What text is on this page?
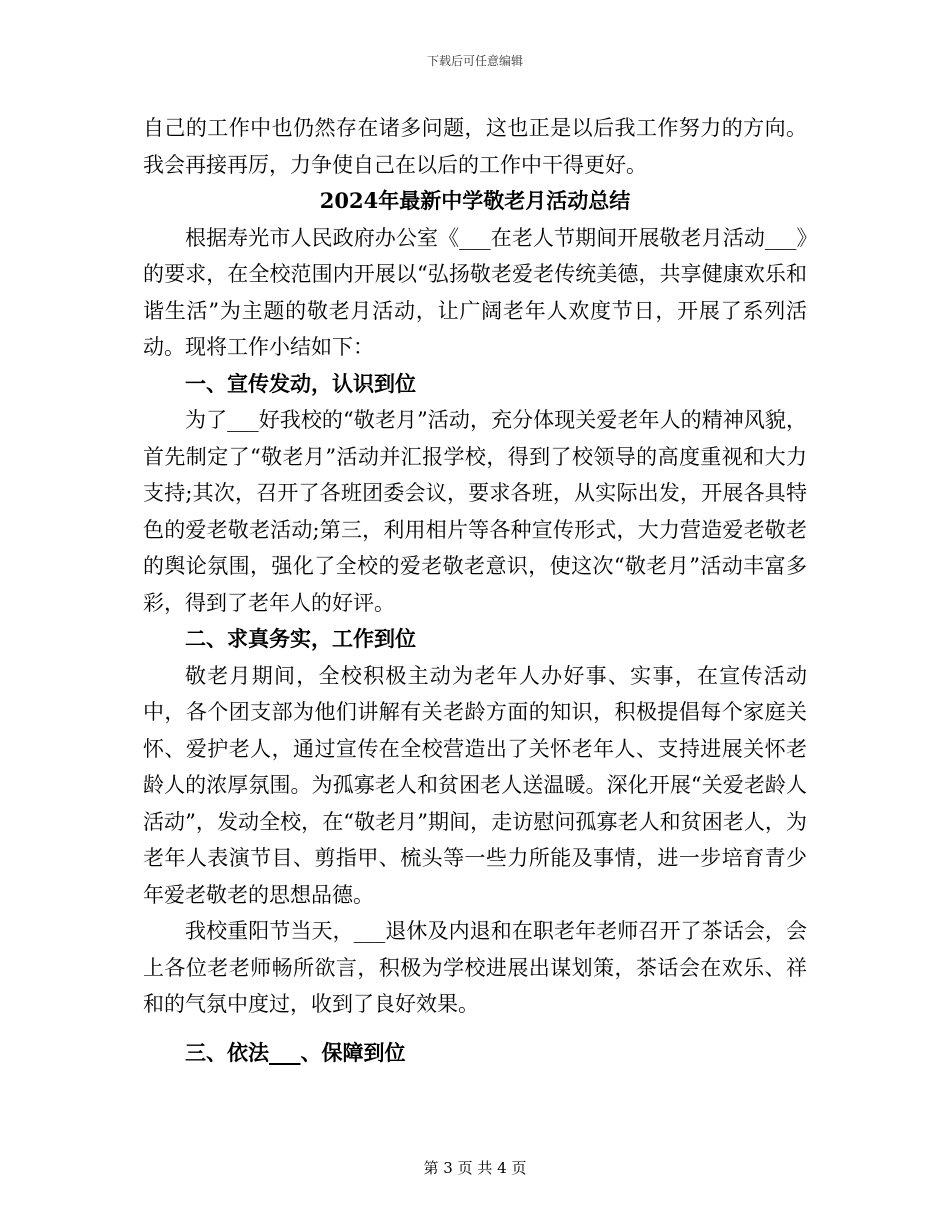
下载后可任意编辑

自己的工作中也仍然存在诸多问题，这也正是以后我工作努力的方向。我会再接再厉，力争使自己在以后的工作中干得更好。

2024年最新中学敬老月活动总结

根据寿光市人民政府办公室《___在老人节期间开展敬老月活动___》的要求，在全校范围内开展以“弘扬敬老爱老传统美德，共享健康欢乐和谐生活”为主题的敬老月活动，让广阔老年人欢度节日，开展了系列活动。现将工作小结如下：

一、宣传发动，认识到位

为了___好我校的“敬老月”活动，充分体现关爱老年人的精神风貌，首先制定了“敬老月”活动并汇报学校，得到了校领导的高度重视和大力支持;其次，召开了各班团委会议，要求各班，从实际出发，开展各具特色的爱老敬老活动;第三，利用相片等各种宣传形式，大力营造爱老敬老的舆论氛围，强化了全校的爱老敬老意识，使这次“敬老月”活动丰富多彩，得到了老年人的好评。

二、求真务实，工作到位

敬老月期间，全校积极主动为老年人办好事、实事，在宣传活动中，各个团支部为他们讲解有关老龄方面的知识，积极提倡每个家庭关怀、爱护老人，通过宣传在全校营造出了关怀老年人、支持进展关怀老龄人的浓厚氛围。为孤寡老人和贫困老人送温暖。深化开展“关爱老龄人活动”，发动全校，在“敬老月”期间，走访慰问孤寡老人和贫困老人，为老年人表演节目、剪指甲、梳头等一些力所能及事情，进一步培育青少年爱老敬老的思想品德。

我校重阳节当天，___退休及内退和在职老年老师召开了茶话会，会上各位老老师畅所欲言，积极为学校进展出谋划策，茶话会在欢乐、祥和的气氛中度过，收到了良好效果。

三、依法___、保障到位

第 3 页 共 4 页
